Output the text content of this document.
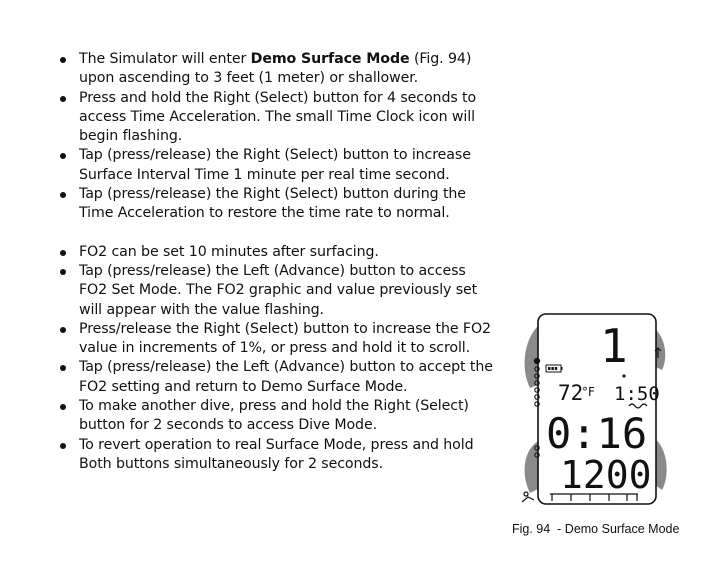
The Simulator will enter Demo Surface Mode (Fig. 94) upon ascending to 3 feet (1 meter) or shallower.
Press and hold the Right (Select) button for 4 seconds to access Time Acceleration. The small Time Clock icon will begin flashing.
Tap (press/release) the Right (Select) button to increase Surface Interval Time 1 minute per real time second.
Tap (press/release) the Right (Select) button during the Time Acceleration to restore the time rate to normal.
FO2 can be set 10 minutes after surfacing.
Tap (press/release) the Left (Advance) button to access FO2 Set Mode. The FO2 graphic and value previously set will appear with the value flashing.
Press/release the Right (Select) button to increase the FO2 value in increments of 1%, or press and hold it to scroll.
Tap (press/release) the Left (Advance) button to accept the FO2 setting and return to Demo Surface Mode.
To make another dive, press and hold the Right (Select) button for 2 seconds to access Dive Mode.
To revert operation to real Surface Mode, press and hold Both buttons simultaneously for 2 seconds.
1
72
°F 1:50
0:16
1200
Fig. 94  - Demo Surface Mode
